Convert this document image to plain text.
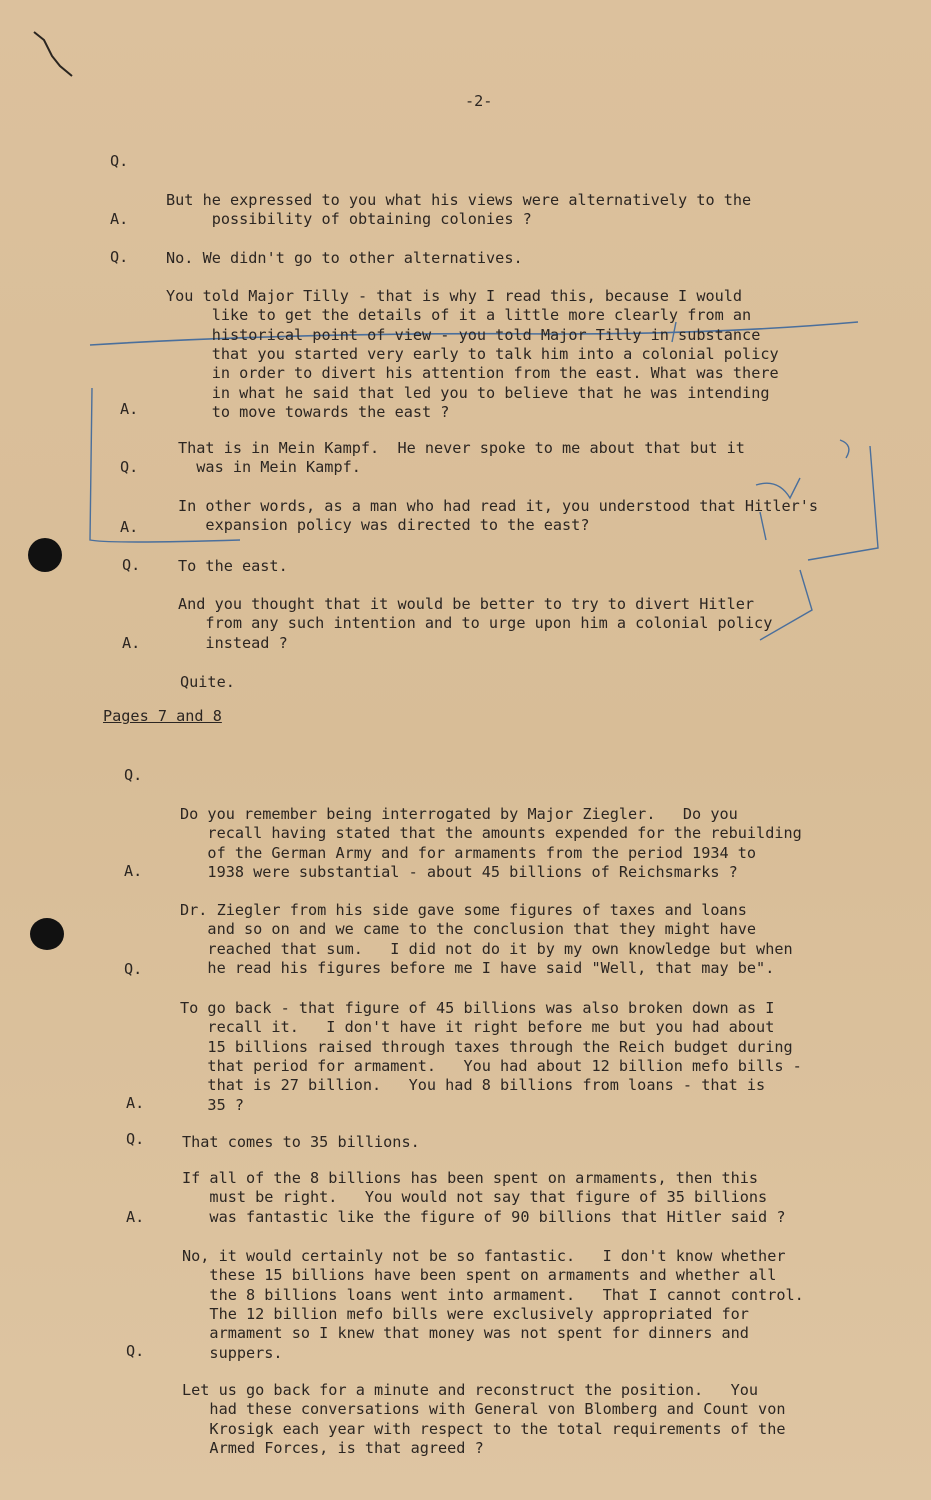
-2-
Q.

But he expressed to you what his views were alternatively to the
possibility of obtaining colonies ?

A.

No. We didn't go to other alternatives.

Q.

You told Major Tilly - that is why I read this, because I would
like to get the details of it a little more clearly from an
historical point of view - you told Major Tilly in substance
that you started very early to talk him into a colonial policy
in order to divert his attention from the east. What was there
in what he said that led you to believe that he was intending
to move towards the east ?

A.

That is in Mein Kampf.  He never spoke to me about that but it
was in Mein Kampf.

Q.

In other words, as a man who had read it, you understood that Hitler's
expansion policy was directed to the east?

A.

To the east.

Q.

And you thought that it would be better to try to divert Hitler
from any such intention and to urge upon him a colonial policy
instead ?

A.

Quite.

Pages 7 and 8
Q.

Do you remember being interrogated by Major Ziegler.   Do you
recall having stated that the amounts expended for the rebuilding
of the German Army and for armaments from the period 1934 to
1938 were substantial - about 45 billions of Reichsmarks ?

A.

Dr. Ziegler from his side gave some figures of taxes and loans
and so on and we came to the conclusion that they might have
reached that sum.   I did not do it by my own knowledge but when
he read his figures before me I have said "Well, that may be".

Q.

To go back - that figure of 45 billions was also broken down as I
recall it.   I don't have it right before me but you had about
15 billions raised through taxes through the Reich budget during
that period for armament.   You had about 12 billion mefo bills -
that is 27 billion.   You had 8 billions from loans - that is
35 ?

A.

That comes to 35 billions.

Q.

If all of the 8 billions has been spent on armaments, then this
must be right.   You would not say that figure of 35 billions
was fantastic like the figure of 90 billions that Hitler said ?

A.

No, it would certainly not be so fantastic.   I don't know whether
these 15 billions have been spent on armaments and whether all
the 8 billions loans went into armament.   That I cannot control.
The 12 billion mefo bills were exclusively appropriated for
armament so I knew that money was not spent for dinners and
suppers.

Q.

Let us go back for a minute and reconstruct the position.   You
had these conversations with General von Blomberg and Count von
Krosigk each year with respect to the total requirements of the
Armed Forces, is that agreed ?
